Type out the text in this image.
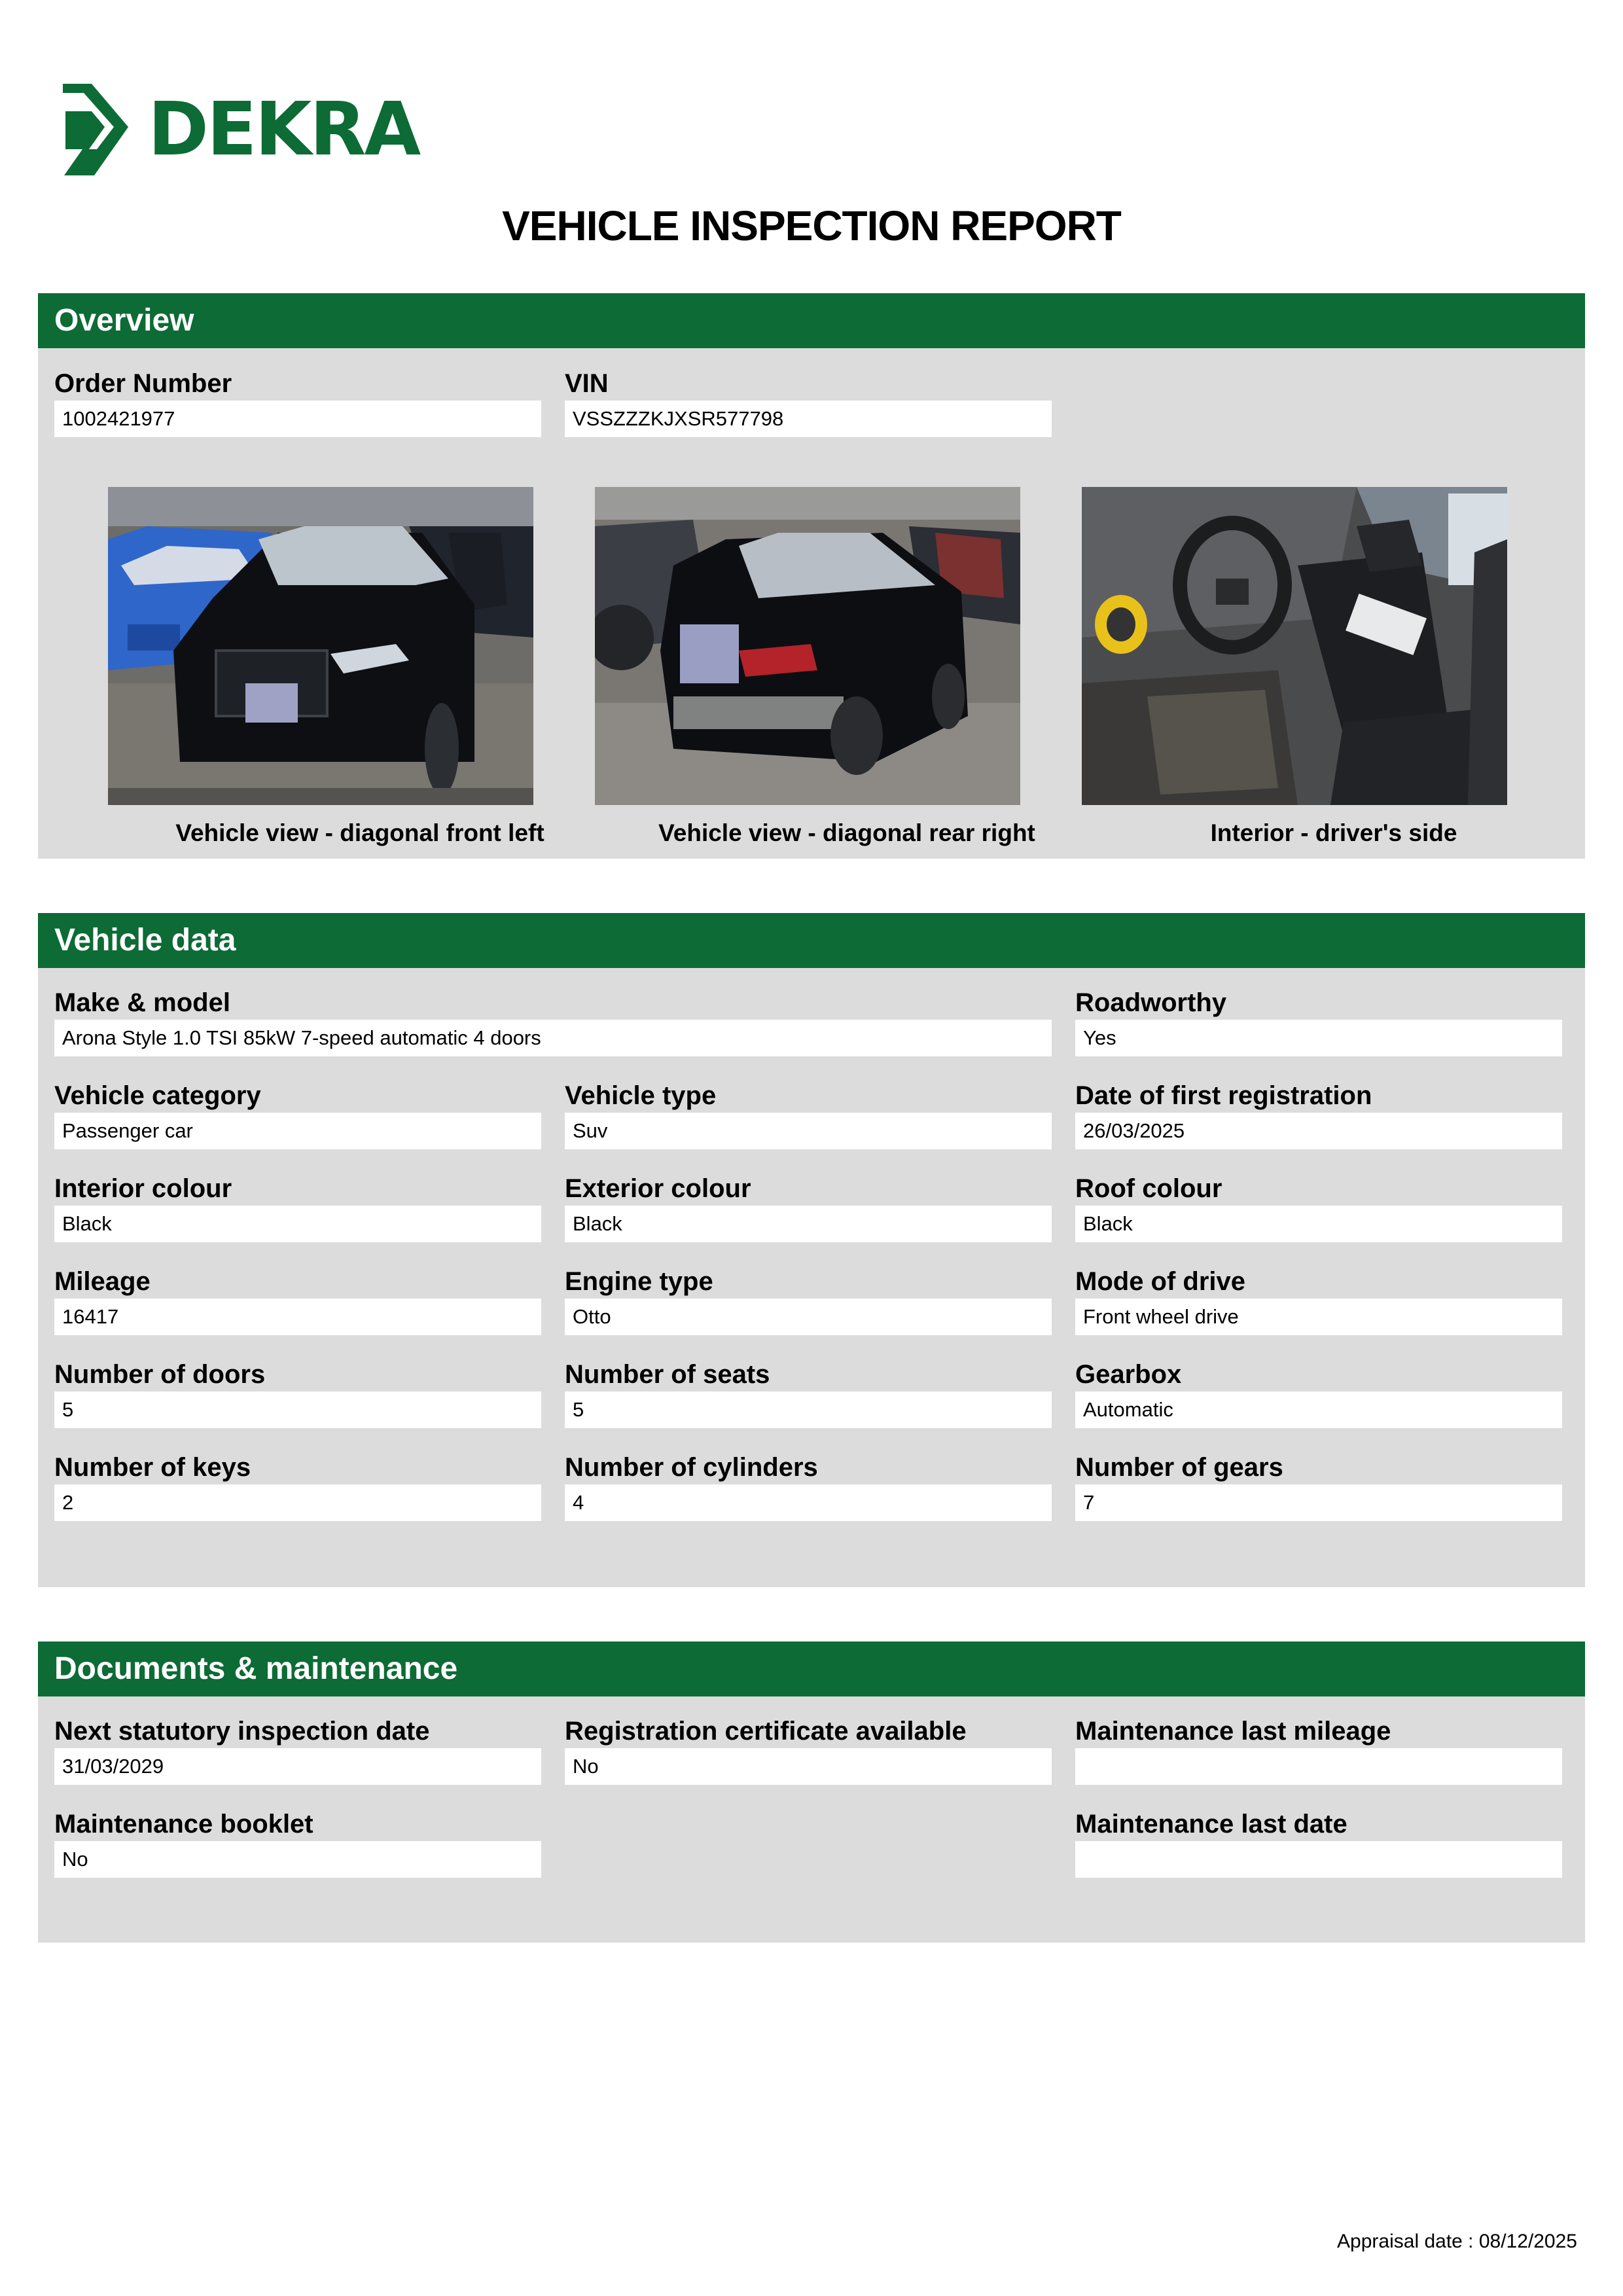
DEKRA
VEHICLE INSPECTION REPORT
Overview
Order Number
1002421977
VIN
VSSZZZKJXSR577798
Vehicle view - diagonal front left	Vehicle view - diagonal rear right	Interior - driver's side
Vehicle data
Make & model
Arona Style 1.0 TSI 85kW 7-speed automatic 4 doors
Roadworthy
Yes
Vehicle category
Passenger car
Vehicle type
Suv
Date of first registration
26/03/2025
Interior colour
Black
Exterior colour
Black
Roof colour
Black
Mileage
16417
Engine type
Otto
Mode of drive
Front wheel drive
Number of doors
5
Number of seats
5
Gearbox
Automatic
Number of keys
2
Number of cylinders
4
Number of gears
7
Documents & maintenance
Next statutory inspection date
31/03/2029
Registration certificate available
No
Maintenance last mileage
Maintenance booklet
No
Maintenance last date
Appraisal date : 08/12/2025
